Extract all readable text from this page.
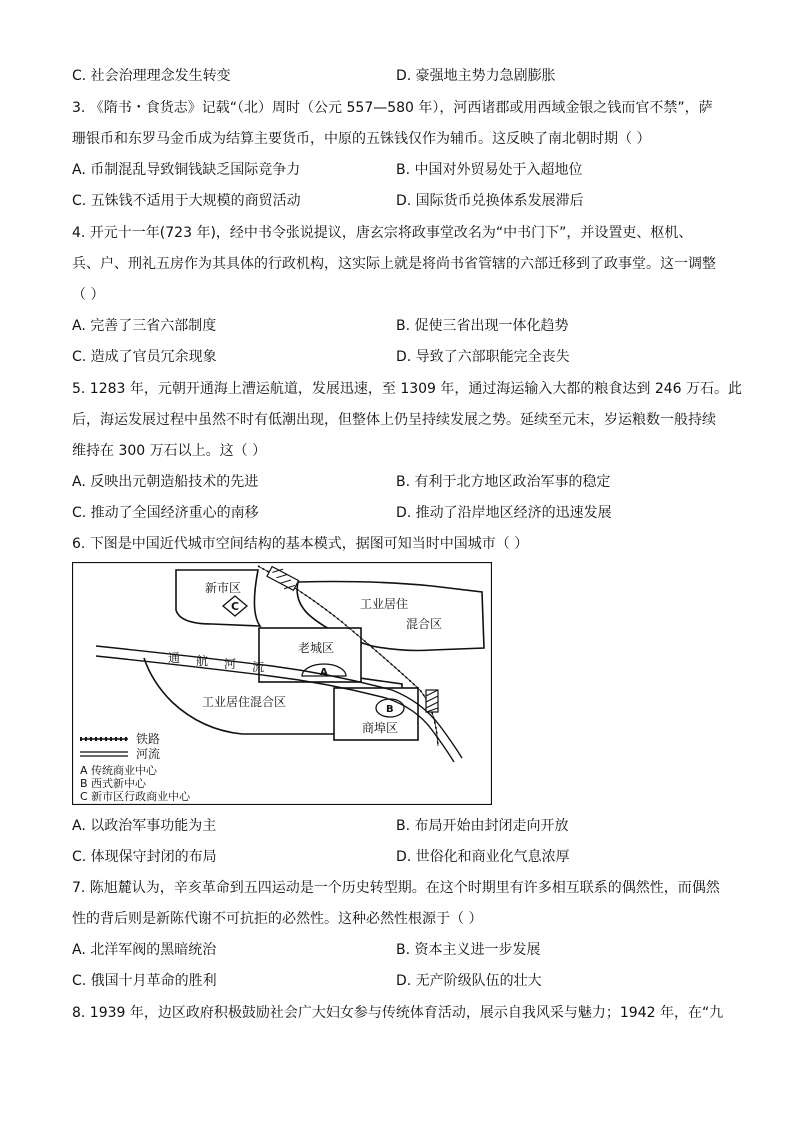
C. 社会治理理念发生转变	D. 豪强地主势力急剧膨胀
3. 《隋书・食货志》记载“（北）周时（公元 557—580 年），河西诸郡或用西域金银之钱而官不禁”，萨
珊银币和东罗马金币成为结算主要货币，中原的五铢钱仅作为辅币。这反映了南北朝时期（ ）
A. 币制混乱导致铜钱缺乏国际竞争力	B. 中国对外贸易处于入超地位
C. 五铢钱不适用于大规模的商贸活动	D. 国际货币兑换体系发展滞后
4. 开元十一年(723 年)，经中书令张说提议，唐玄宗将政事堂改名为“中书门下”，并设置吏、枢机、
兵、户、刑礼五房作为其具体的行政机构，这实际上就是将尚书省管辖的六部迁移到了政事堂。这一调整
（ ）
A. 完善了三省六部制度	B. 促使三省出现一体化趋势
C. 造成了官员冗余现象	D. 导致了六部职能完全丧失
5. 1283 年，元朝开通海上漕运航道，发展迅速，至 1309 年，通过海运输入大都的粮食达到 246 万石。此
后，海运发展过程中虽然不时有低潮出现，但整体上仍呈持续发展之势。延续至元末，岁运粮数一般持续
维持在 300 万石以上。这（ ）
A. 反映出元朝造船技术的先进	B. 有利于北方地区政治军事的稳定
C. 推动了全国经济重心的南移	D. 推动了沿岸地区经济的迅速发展
6. 下图是中国近代城市空间结构的基本模式，据图可知当时中国城市（ ）
新市区
C	工业居住
混合区
工业居住混合区
老城区
A
B
商埠区
通 航 河 流
铁路
河流
A 传统商业中心
B 西式新中心
C 新市区行政商业中心
A. 以政治军事功能为主	B. 布局开始由封闭走向开放
C. 体现保守封闭的布局	D. 世俗化和商业化气息浓厚
7. 陈旭麓认为，辛亥革命到五四运动是一个历史转型期。在这个时期里有许多相互联系的偶然性，而偶然
性的背后则是新陈代谢不可抗拒的必然性。这种必然性根源于（ ）
A. 北洋军阀的黑暗统治	B. 资本主义进一步发展
C. 俄国十月革命的胜利	D. 无产阶级队伍的壮大
8. 1939 年，边区政府积极鼓励社会广大妇女参与传统体育活动，展示自我风采与魅力；1942 年，在“九
